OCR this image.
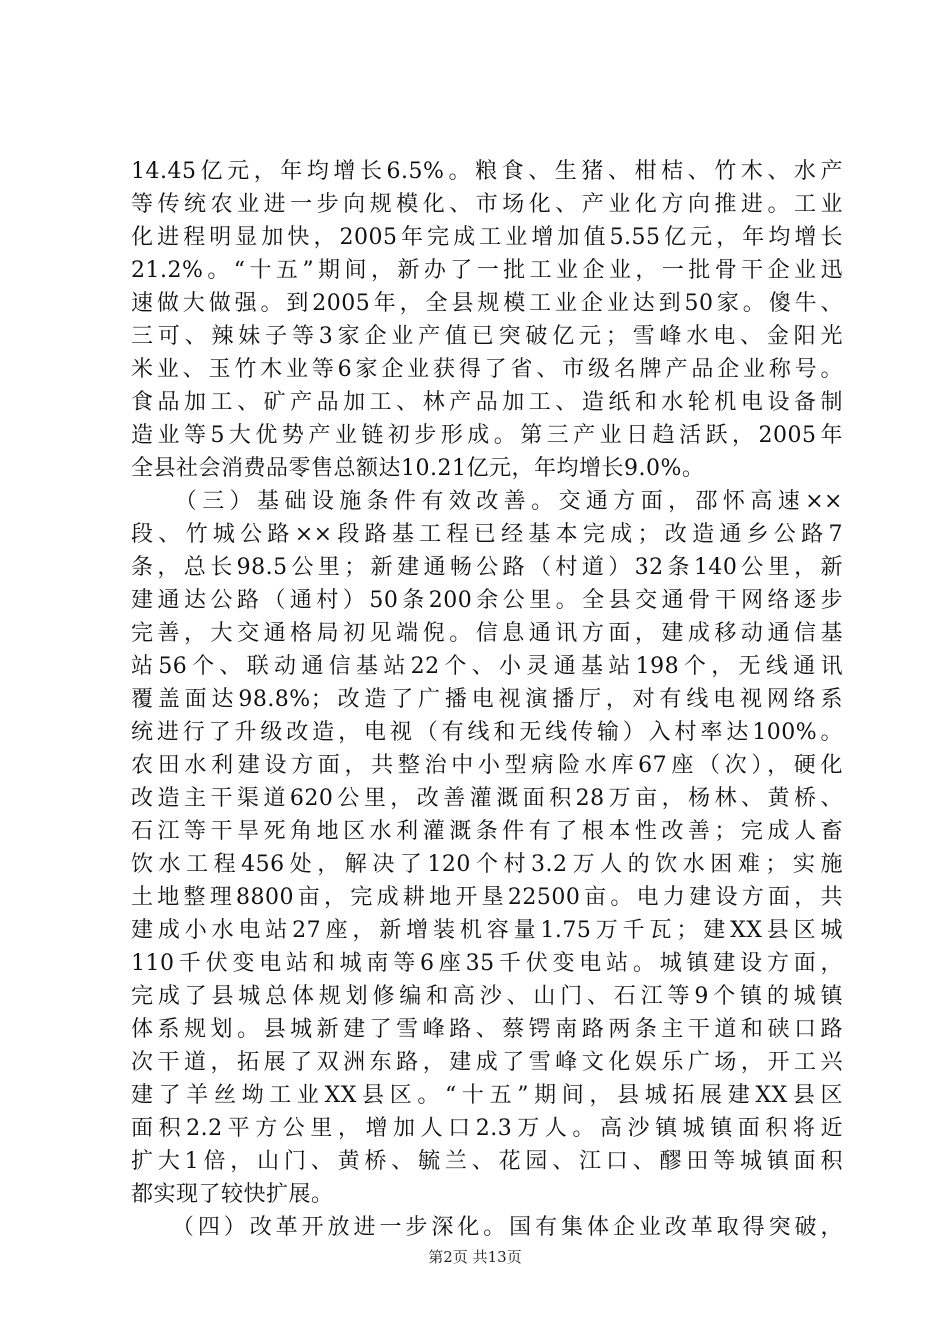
14.45亿元，年均增长6.5%。粮食、生猪、柑桔、竹木、水产
等传统农业进一步向规模化、市场化、产业化方向推进。工业
化进程明显加快，2005年完成工业增加值5.55亿元，年均增长
21.2%。“十五”期间，新办了一批工业企业，一批骨干企业迅
速做大做强。到2005年，全县规模工业企业达到50家。傻牛、
三可、辣妹子等3家企业产值已突破亿元；雪峰水电、金阳光
米业、玉竹木业等6家企业获得了省、市级名牌产品企业称号。
食品加工、矿产品加工、林产品加工、造纸和水轮机电设备制
造业等5大优势产业链初步形成。第三产业日趋活跃，2005年
全县社会消费品零售总额达10.21亿元，年均增长9.0%。
　　（三）基础设施条件有效改善。交通方面，邵怀高速××
段、竹城公路××段路基工程已经基本完成；改造通乡公路7
条，总长98.5公里；新建通畅公路（村道）32条140公里，新
建通达公路（通村）50条200余公里。全县交通骨干网络逐步
完善，大交通格局初见端倪。信息通讯方面，建成移动通信基
站56个、联动通信基站22个、小灵通基站198个，无线通讯
覆盖面达98.8%；改造了广播电视演播厅，对有线电视网络系
统进行了升级改造，电视（有线和无线传输）入村率达100%。
农田水利建设方面，共整治中小型病险水库67座（次），硬化
改造主干渠道620公里，改善灌溉面积28万亩，杨林、黄桥、
石江等干旱死角地区水利灌溉条件有了根本性改善；完成人畜
饮水工程456处，解决了120个村3.2万人的饮水困难；实施
土地整理8800亩，完成耕地开垦22500亩。电力建设方面，共
建成小水电站27座，新增装机容量1.75万千瓦；建XX县区城
110千伏变电站和城南等6座35千伏变电站。城镇建设方面，
完成了县城总体规划修编和高沙、山门、石江等9个镇的城镇
体系规划。县城新建了雪峰路、蔡锷南路两条主干道和硖口路
次干道，拓展了双洲东路，建成了雪峰文化娱乐广场，开工兴
建了羊丝坳工业XX县区。“十五”期间，县城拓展建XX县区
面积2.2平方公里，增加人口2.3万人。高沙镇城镇面积将近
扩大1倍，山门、黄桥、毓兰、花园、江口、醪田等城镇面积
都实现了较快扩展。
　　（四）改革开放进一步深化。国有集体企业改革取得突破，
第2页 共13页
